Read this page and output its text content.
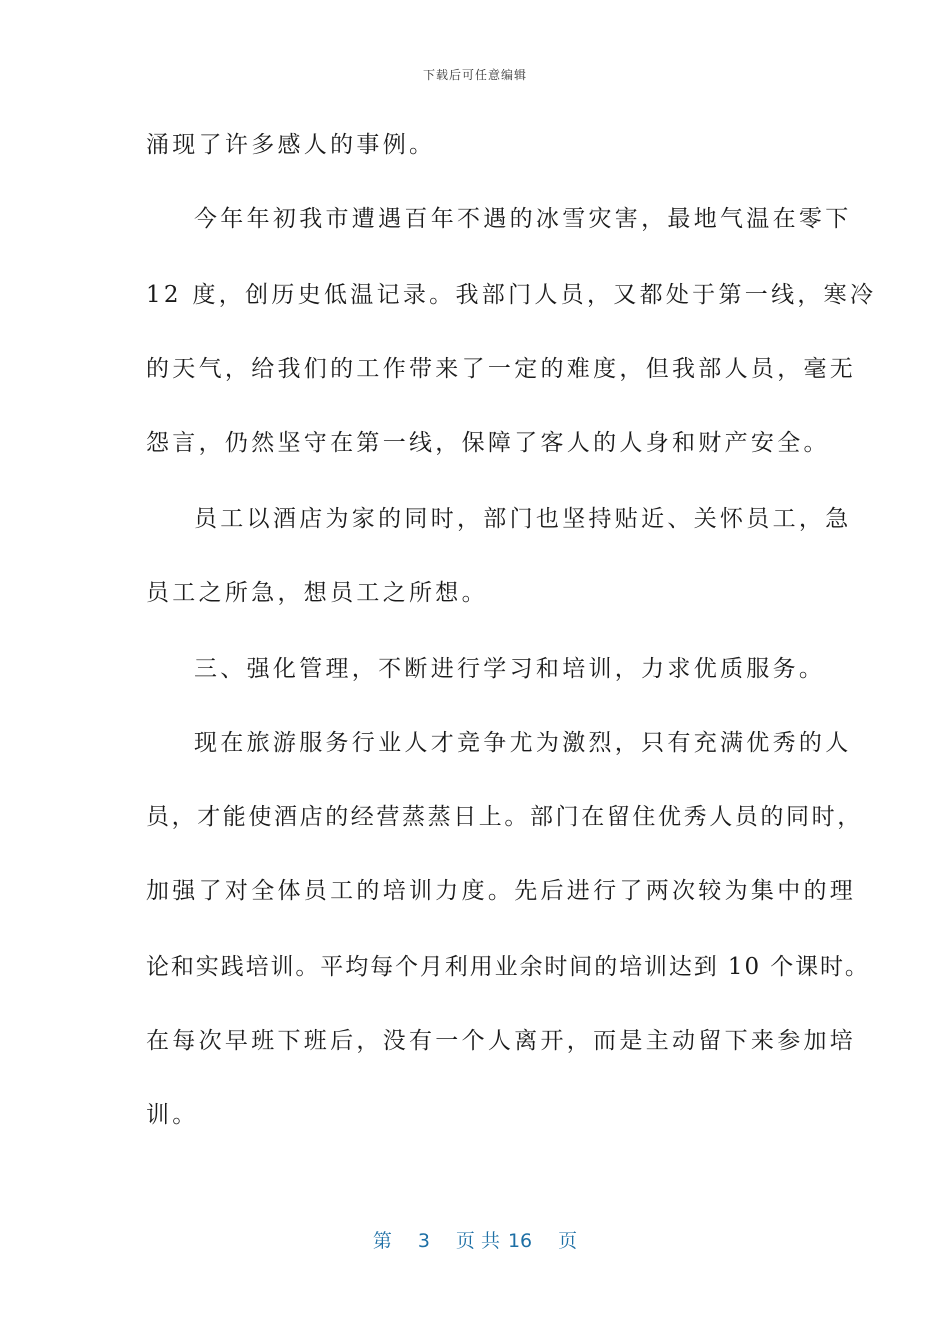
下载后可任意编辑
涌现了许多感人的事例。
今年年初我市遭遇百年不遇的冰雪灾害，最地气温在零下
12 度，创历史低温记录。我部门人员，又都处于第一线，寒冷
的天气，给我们的工作带来了一定的难度，但我部人员，毫无
怨言，仍然坚守在第一线，保障了客人的人身和财产安全。
员工以酒店为家的同时，部门也坚持贴近、关怀员工，急
员工之所急，想员工之所想。
三、强化管理，不断进行学习和培训，力求优质服务。
现在旅游服务行业人才竞争尤为激烈，只有充满优秀的人
员，才能使酒店的经营蒸蒸日上。部门在留住优秀人员的同时，
加强了对全体员工的培训力度。先后进行了两次较为集中的理
论和实践培训。平均每个月利用业余时间的培训达到 10 个课时。
在每次早班下班后，没有一个人离开，而是主动留下来参加培
训。
第 3 页 共 16 页
